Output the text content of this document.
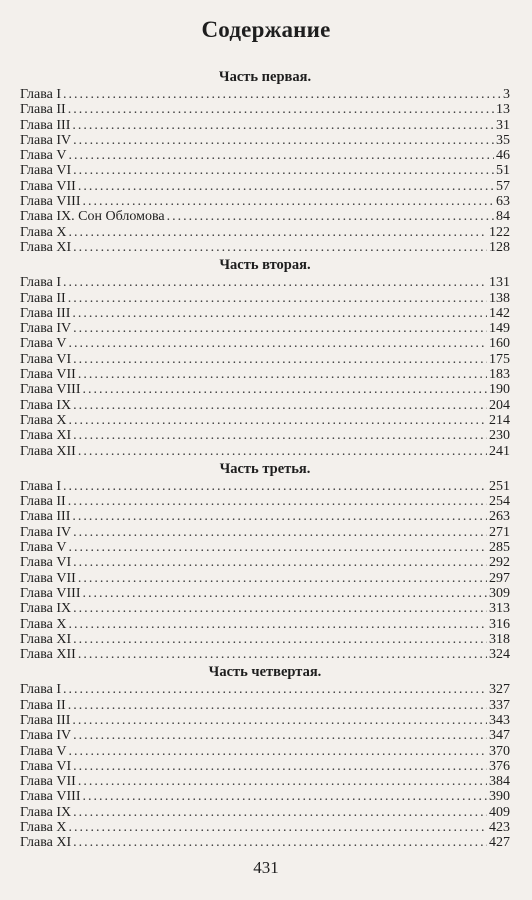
Содержание
Часть первая.
Глава I .....	3
Глава II .....	13
Глава III .....	31
Глава IV .....	35
Глава V .....	46
Глава VI .....	51
Глава VII .....	57
Глава VIII .....	63
Глава IX. Сон Обломова .....	84
Глава X .....	122
Глава XI .....	128
Часть вторая.
Глава I .....	131
Глава II .....	138
Глава III .....	142
Глава IV .....	149
Глава V .....	160
Глава VI .....	175
Глава VII .....	183
Глава VIII .....	190
Глава IX .....	204
Глава X .....	214
Глава XI .....	230
Глава XII .....	241
Часть третья.
Глава I .....	251
Глава II .....	254
Глава III .....	263
Глава IV .....	271
Глава V .....	285
Глава VI .....	292
Глава VII .....	297
Глава VIII .....	309
Глава IX .....	313
Глава X .....	316
Глава XI .....	318
Глава XII .....	324
Часть четвертая.
Глава I .....	327
Глава II .....	337
Глава III .....	343
Глава IV .....	347
Глава V .....	370
Глава VI .....	376
Глава VII .....	384
Глава VIII .....	390
Глава IX .....	409
Глава X .....	423
Глава XI .....	427
431
